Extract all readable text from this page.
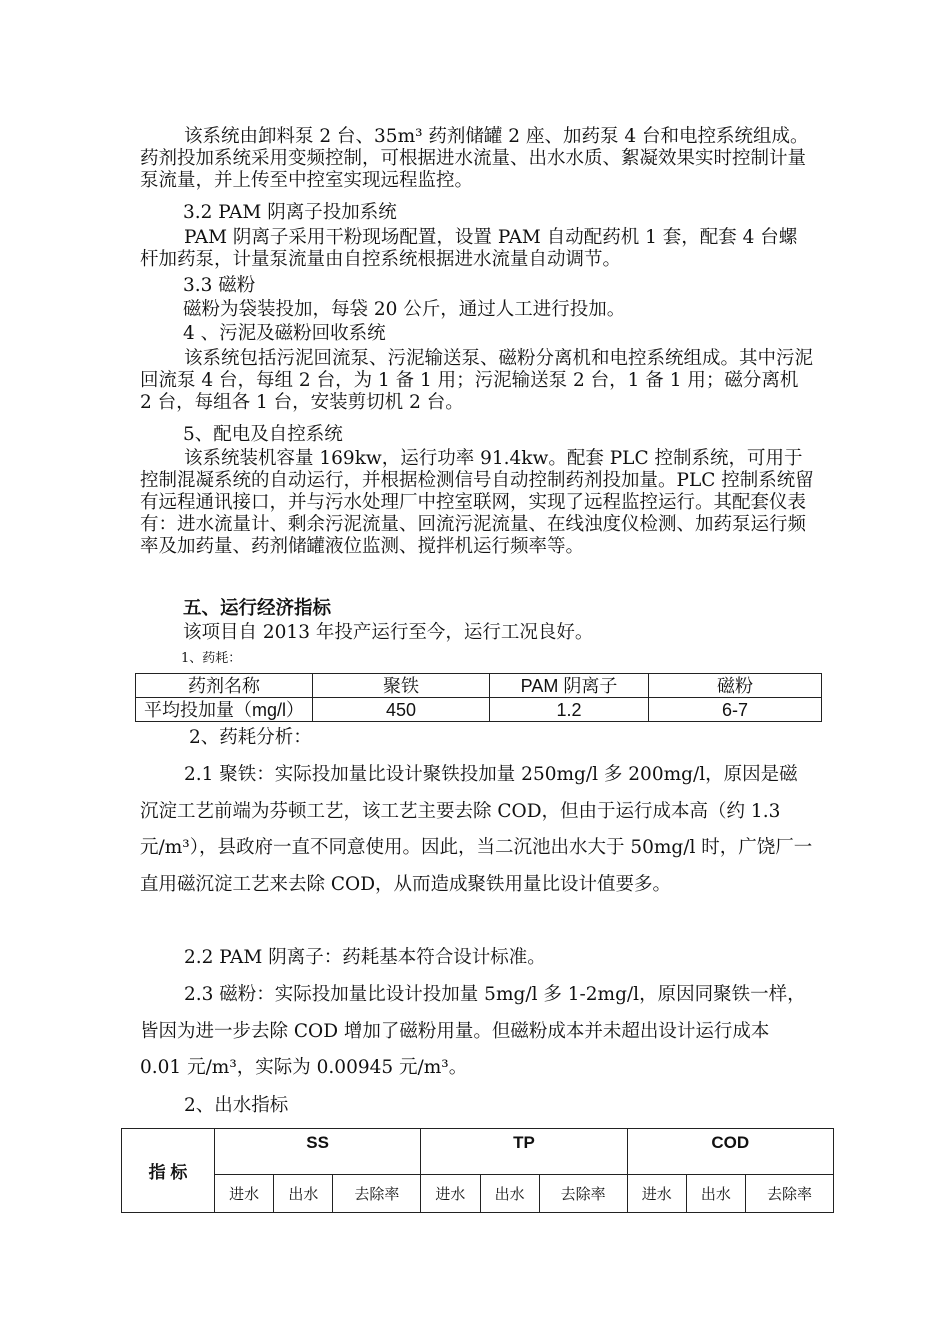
该系统由卸料泵 2 台、35m³ 药剂储罐 2 座、加药泵 4 台和电控系统组成。药剂投加系统采用变频控制，可根据进水流量、出水水质、絮凝效果实时控制计量泵流量，并上传至中控室实现远程监控。

3.2 PAM 阴离子投加系统

PAM 阴离子采用干粉现场配置，设置 PAM 自动配药机 1 套，配套 4 台螺杆加药泵，计量泵流量由自控系统根据进水流量自动调节。

3.3 磁粉

磁粉为袋装投加，每袋 20 公斤，通过人工进行投加。

4 、污泥及磁粉回收系统

该系统包括污泥回流泵、污泥输送泵、磁粉分离机和电控系统组成。其中污泥回流泵 4 台，每组 2 台，为 1 备 1 用；污泥输送泵 2 台，1 备 1 用；磁分离机 2 台，每组各 1 台，安装剪切机 2 台。

5、配电及自控系统

该系统装机容量 169kw，运行功率 91.4kw。配套 PLC 控制系统，可用于控制混凝系统的自动运行，并根据检测信号自动控制药剂投加量。PLC 控制系统留有远程通讯接口，并与污水处理厂中控室联网，实现了远程监控运行。其配套仪表有：进水流量计、剩余污泥流量、回流污泥流量、在线浊度仪检测、加药泵运行频率及加药量、药剂储罐液位监测、搅拌机运行频率等。

五、运行经济指标

该项目自 2013 年投产运行至今，运行工况良好。

1、药耗：

药剂名称	聚铁	PAM 阴离子	磁粉
平均投加量（mg/l）	450	1.2	6-7

2、药耗分析：

2.1 聚铁：实际投加量比设计聚铁投加量 250mg/l 多 200mg/l，原因是磁沉淀工艺前端为芬顿工艺，该工艺主要去除 COD，但由于运行成本高（约 1.3 元/m³），县政府一直不同意使用。因此，当二沉池出水大于 50mg/l 时，广饶厂一直用磁沉淀工艺来去除 COD，从而造成聚铁用量比设计值要多。

2.2 PAM 阴离子：药耗基本符合设计标准。

2.3 磁粉：实际投加量比设计投加量 5mg/l 多 1-2mg/l，原因同聚铁一样，皆因为进一步去除 COD 增加了磁粉用量。但磁粉成本并未超出设计运行成本 0.01 元/m³，实际为 0.00945 元/m³。

2、出水指标

指 标	SS			TP			COD		
	进水	出水	去除率	进水	出水	去除率	进水	出水	去除率
